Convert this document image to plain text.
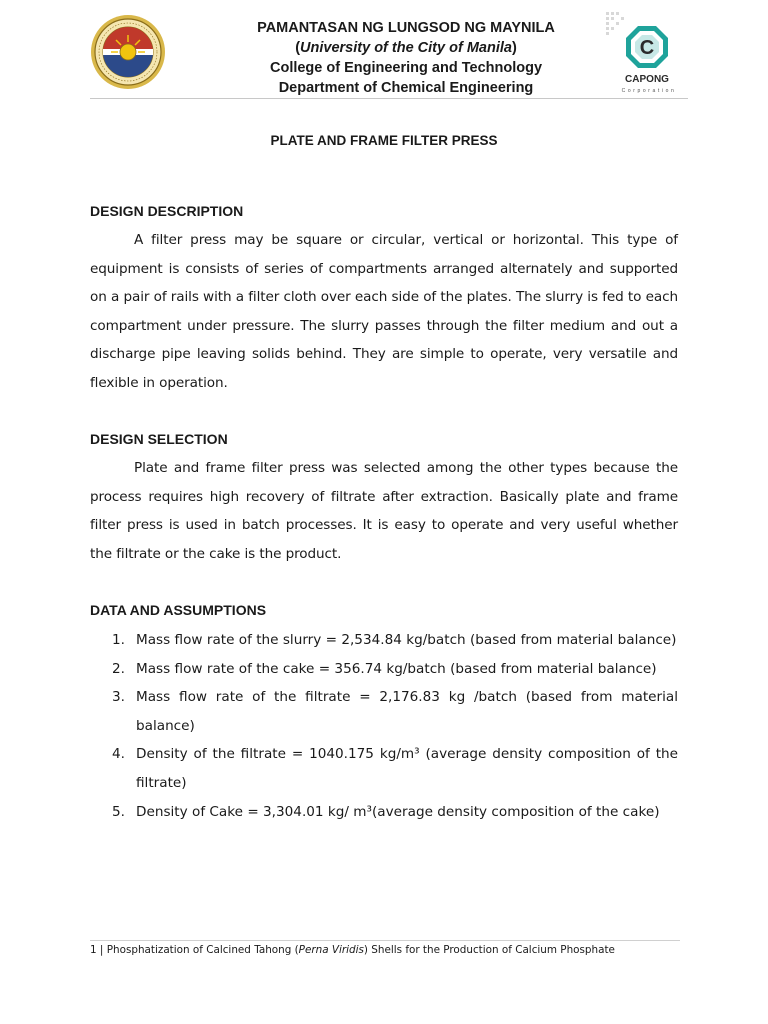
PAMANTASAN NG LUNGSOD NG MAYNILA
(University of the City of Manila)
College of Engineering and Technology
Department of Chemical Engineering
C
CAPONG
Corporation
PLATE AND FRAME FILTER PRESS
DESIGN DESCRIPTION

A filter press may be square or circular, vertical or horizontal. This type of equipment is consists of series of compartments arranged alternately and supported on a pair of rails with a filter cloth over each side of the plates. The slurry is fed to each compartment under pressure. The slurry passes through the filter medium and out a discharge pipe leaving solids behind. They are simple to operate, very versatile and flexible in operation.

DESIGN SELECTION

Plate and frame filter press was selected among the other types because the process requires high recovery of filtrate after extraction. Basically plate and frame filter press is used in batch processes. It is easy to operate and very useful whether the filtrate or the cake is the product.

DATA AND ASSUMPTIONS
1. Mass flow rate of the slurry = 2,534.84 kg/batch (based from material balance)
2. Mass flow rate of the cake = 356.74 kg/batch (based from material balance)
3. Mass flow rate of the filtrate = 2,176.83 kg /batch (based from material balance)
4. Density of the filtrate = 1040.175 kg/m³ (average density composition of the filtrate)
5. Density of Cake = 3,304.01 kg/ m³(average density composition of the cake)
1 | Phosphatization of Calcined Tahong (Perna Viridis) Shells for the Production of Calcium Phosphate
